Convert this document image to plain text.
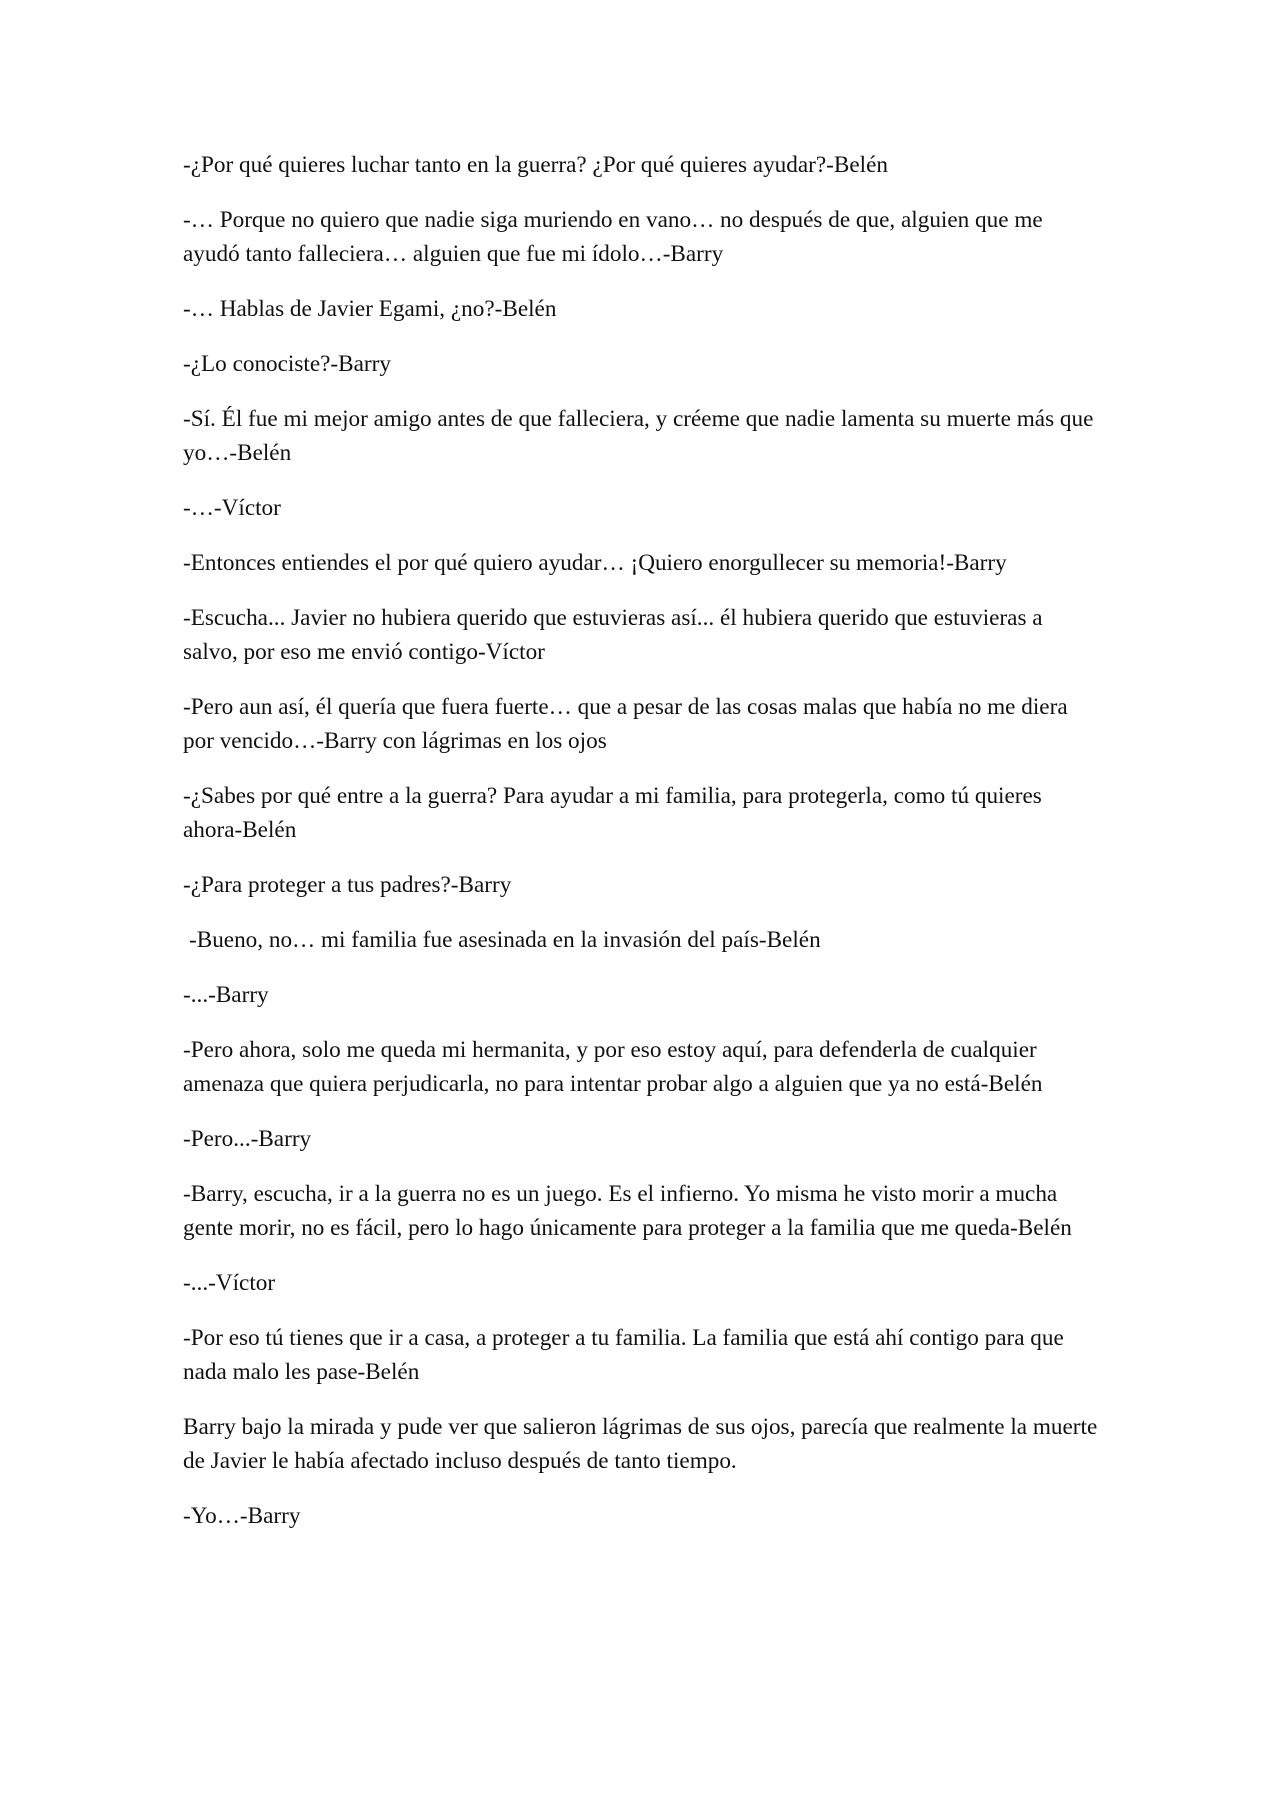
-¿Por qué quieres luchar tanto en la guerra? ¿Por qué quieres ayudar?-Belén

-… Porque no quiero que nadie siga muriendo en vano… no después de que, alguien que me ayudó tanto falleciera… alguien que fue mi ídolo…-Barry

-… Hablas de Javier Egami, ¿no?-Belén

-¿Lo conociste?-Barry

-Sí. Él fue mi mejor amigo antes de que falleciera, y créeme que nadie lamenta su muerte más que yo…-Belén

-…-Víctor

-Entonces entiendes el por qué quiero ayudar… ¡Quiero enorgullecer su memoria!-Barry

-Escucha... Javier no hubiera querido que estuvieras así... él hubiera querido que estuvieras a salvo, por eso me envió contigo-Víctor

-Pero aun así, él quería que fuera fuerte… que a pesar de las cosas malas que había no me diera por vencido…-Barry con lágrimas en los ojos

-¿Sabes por qué entre a la guerra? Para ayudar a mi familia, para protegerla, como tú quieres ahora-Belén

-¿Para proteger a tus padres?-Barry

-Bueno, no… mi familia fue asesinada en la invasión del país-Belén

-...-Barry

-Pero ahora, solo me queda mi hermanita, y por eso estoy aquí, para defenderla de cualquier amenaza que quiera perjudicarla, no para intentar probar algo a alguien que ya no está-Belén

-Pero...-Barry

-Barry, escucha, ir a la guerra no es un juego. Es el infierno. Yo misma he visto morir a mucha gente morir, no es fácil, pero lo hago únicamente para proteger a la familia que me queda-Belén

-...-Víctor

-Por eso tú tienes que ir a casa, a proteger a tu familia. La familia que está ahí contigo para que nada malo les pase-Belén

Barry bajo la mirada y pude ver que salieron lágrimas de sus ojos, parecía que realmente la muerte de Javier le había afectado incluso después de tanto tiempo.

-Yo…-Barry
